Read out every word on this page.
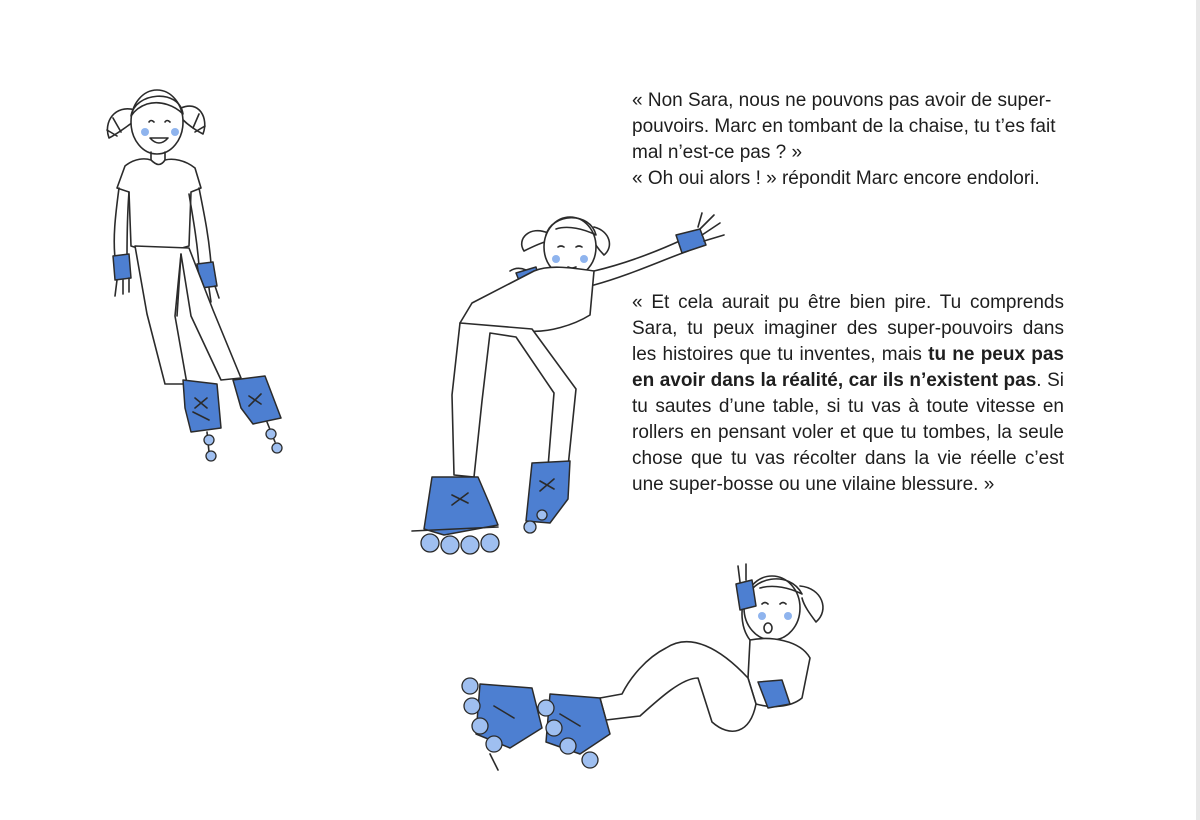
« Non Sara, nous ne pouvons pas avoir de super-
pouvoirs. Marc en tombant de la chaise, tu t’es fait
mal n’est-ce pas ? »
« Oh oui alors ! » répondit Marc encore endolori.

« Et cela aurait pu être bien pire. Tu comprends Sara, tu peux imaginer des super-pouvoirs dans les histoires que tu inventes, mais tu ne peux pas en avoir dans la réalité, car ils n’existent pas. Si tu sautes d’une table, si tu vas à toute vitesse en rollers en pensant voler et que tu tombes, la seule chose que tu vas récolter dans la vie réelle c’est une super-bosse ou une vilaine blessure. »
